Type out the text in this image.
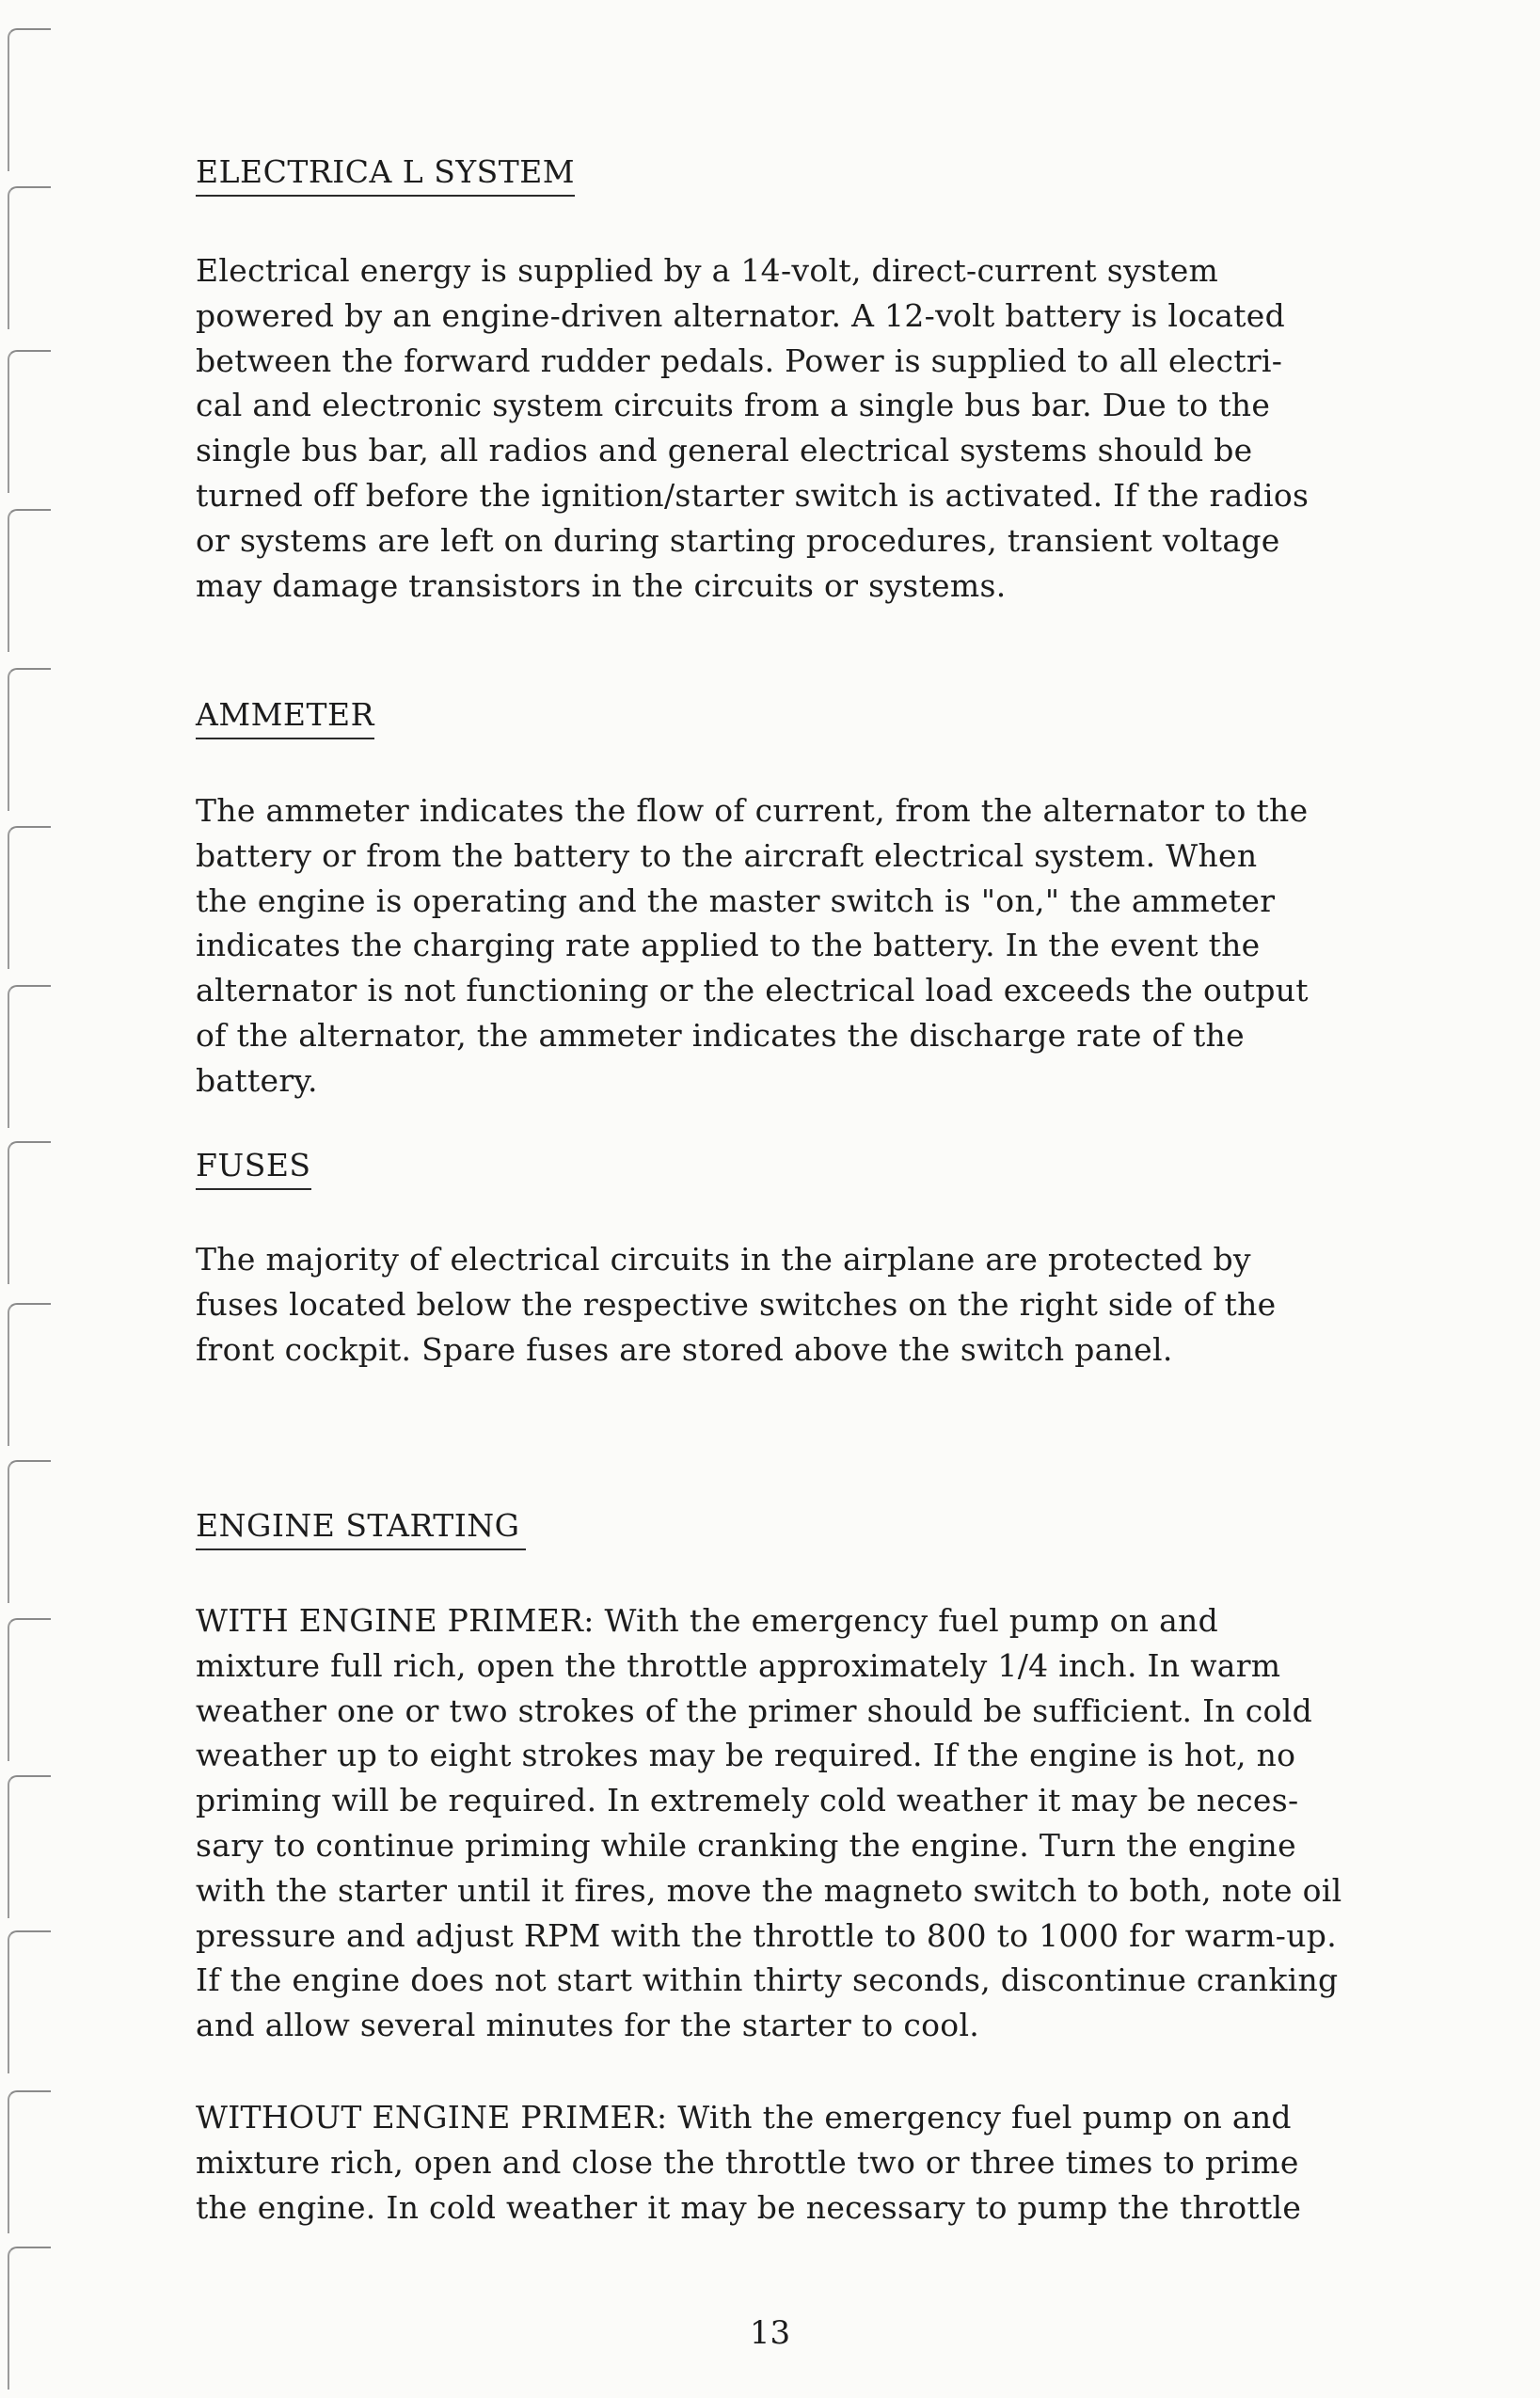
ELECTRICA L SYSTEM

Electrical energy is supplied by a 14-volt, direct-current system
powered by an engine-driven alternator. A 12-volt battery is located
between the forward rudder pedals. Power is supplied to all electri-
cal and electronic system circuits from a single bus bar. Due to the
single bus bar, all radios and general electrical systems should be
turned off before the ignition/starter switch is activated. If the radios
or systems are left on during starting procedures, transient voltage
may damage transistors in the circuits or systems.

AMMETER

The ammeter indicates the flow of current, from the alternator to the
battery or from the battery to the aircraft electrical system. When
the engine is operating and the master switch is "on," the ammeter
indicates the charging rate applied to the battery. In the event the
alternator is not functioning or the electrical load exceeds the output
of the alternator, the ammeter indicates the discharge rate of the
battery.

FUSES

The majority of electrical circuits in the airplane are protected by
fuses located below the respective switches on the right side of the
front cockpit. Spare fuses are stored above the switch panel.

ENGINE STARTING

WITH ENGINE PRIMER: With the emergency fuel pump on and
mixture full rich, open the throttle approximately 1/4 inch. In warm
weather one or two strokes of the primer should be sufficient. In cold
weather up to eight strokes may be required. If the engine is hot, no
priming will be required. In extremely cold weather it may be neces-
sary to continue priming while cranking the engine. Turn the engine
with the starter until it fires, move the magneto switch to both, note oil
pressure and adjust RPM with the throttle to 800 to 1000 for warm-up.
If the engine does not start within thirty seconds, discontinue cranking
and allow several minutes for the starter to cool.

WITHOUT ENGINE PRIMER: With the emergency fuel pump on and
mixture rich, open and close the throttle two or three times to prime
the engine. In cold weather it may be necessary to pump the throttle

13
